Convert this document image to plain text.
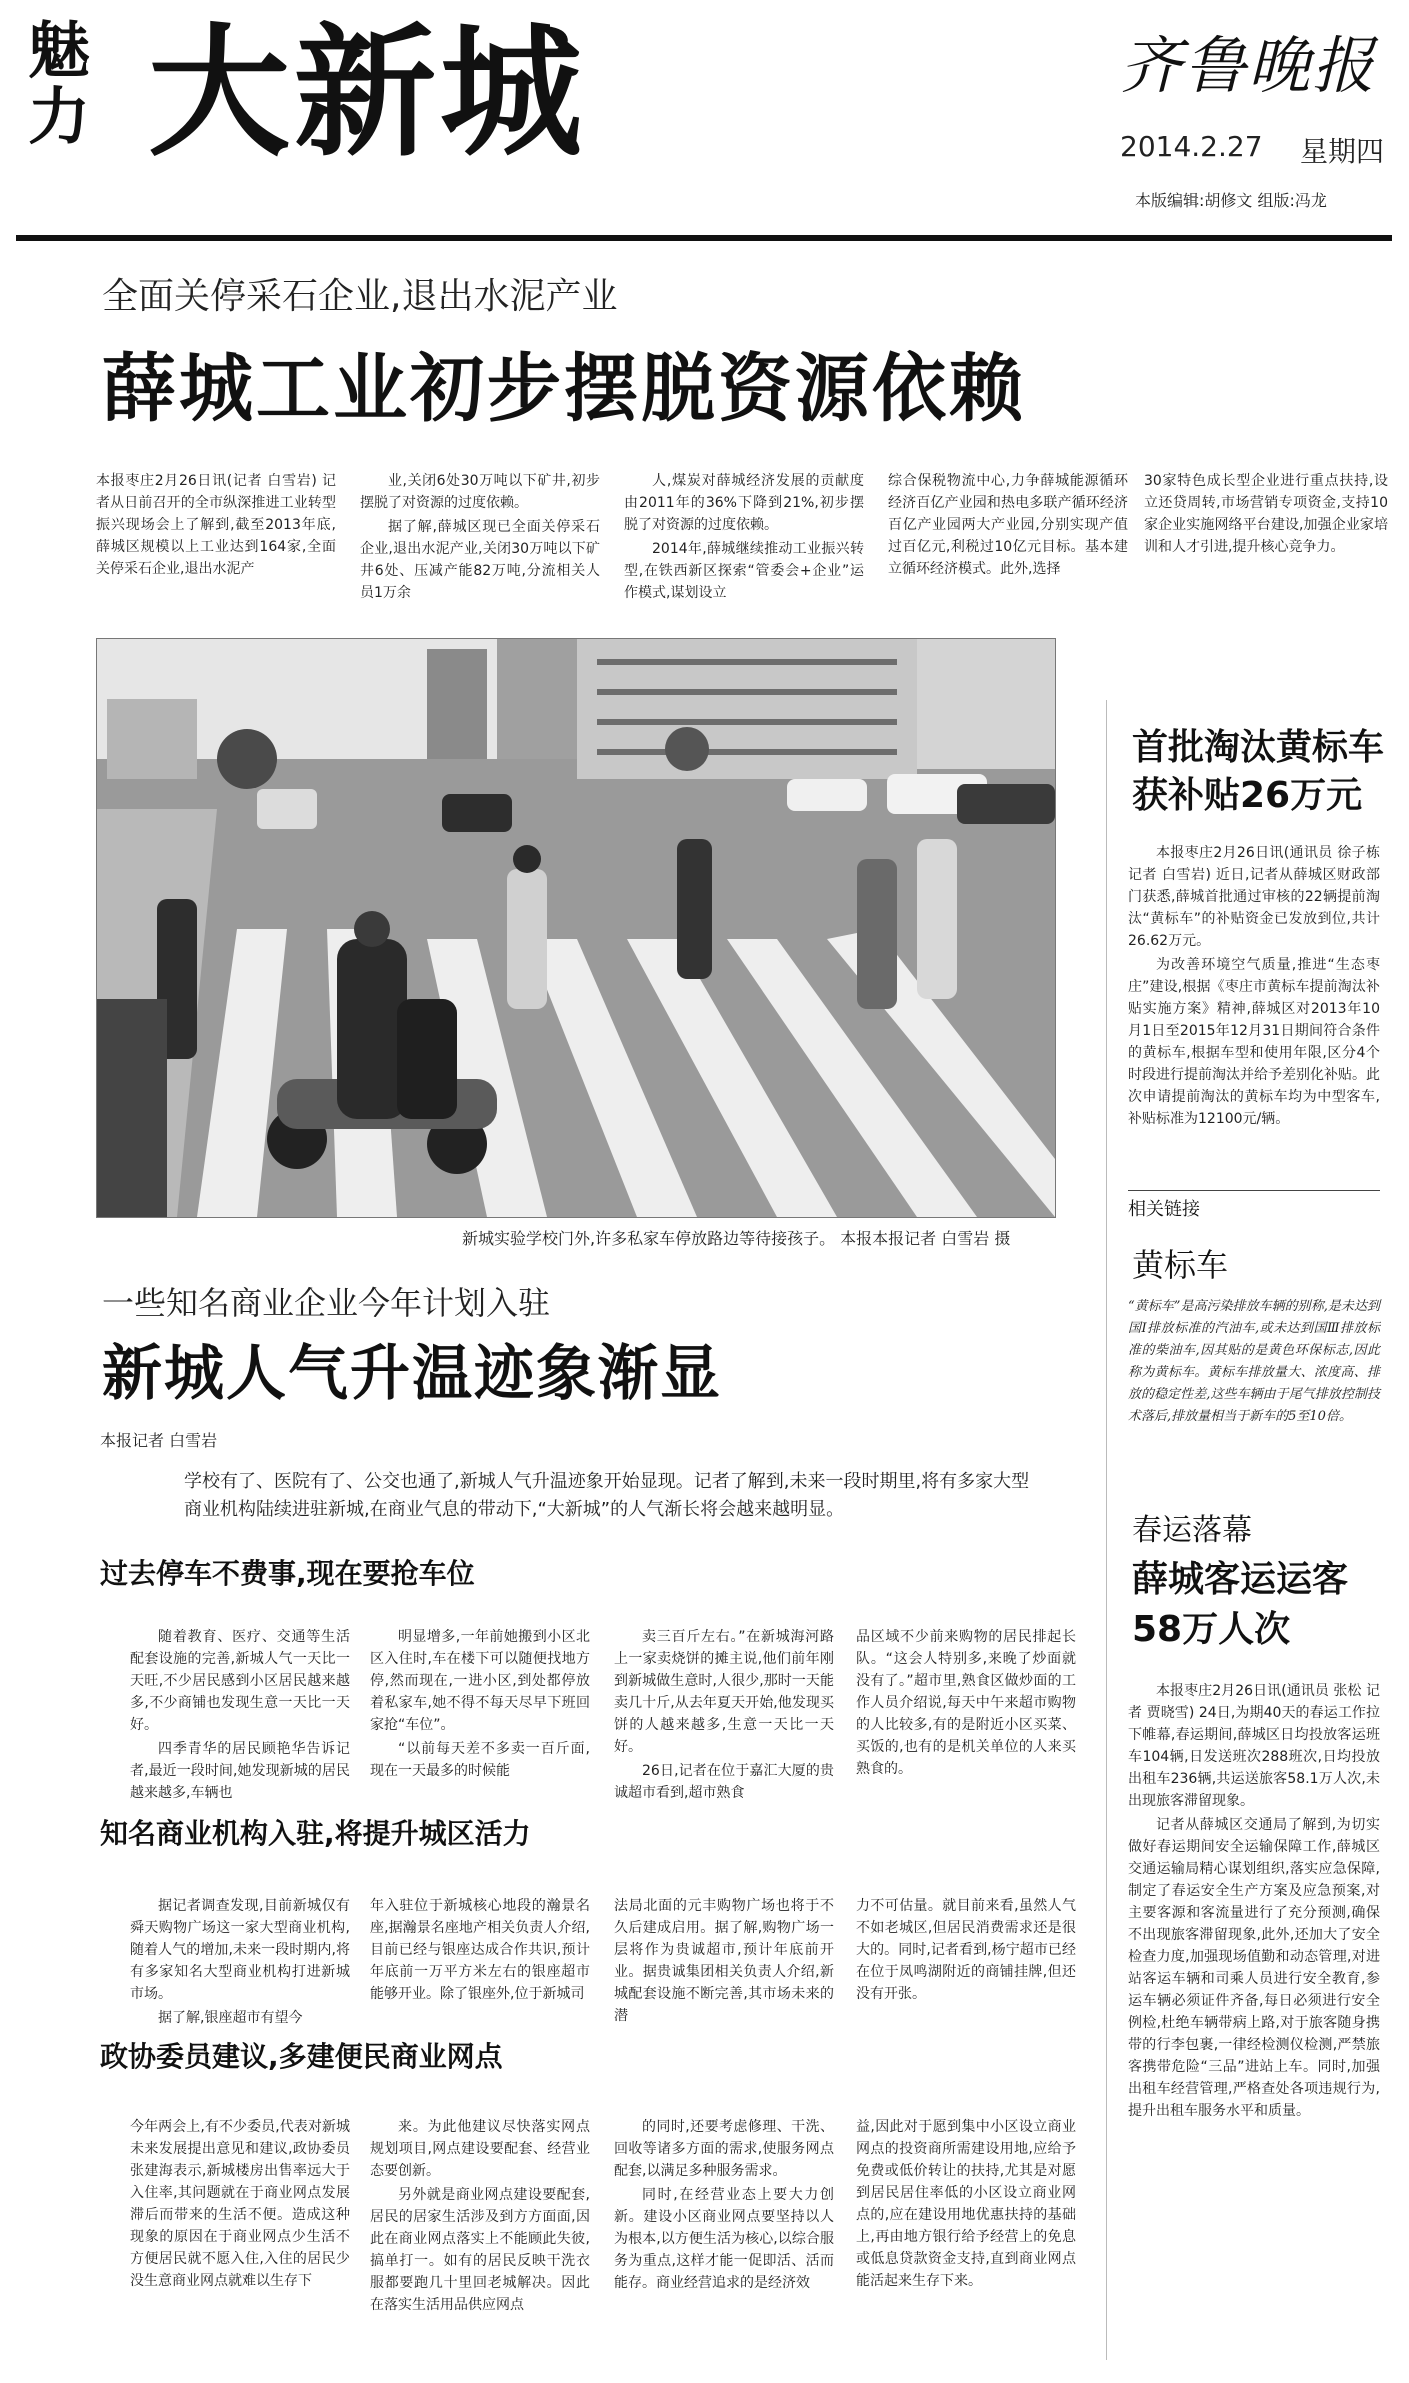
魅力 大新城	齐鲁晚报
2014.2.27 星期四
本版编辑:胡修文 组版:冯龙
全面关停采石企业,退出水泥产业
薛城工业初步摆脱资源依赖
本报枣庄2月26日讯(记者 白雪岩) 记者从日前召开的全市纵深推进工业转型振兴现场会上了解到,截至2013年底,薛城区规模以上工业达到164家,全面关停采石企业,退出水泥产

业,关闭6处30万吨以下矿井,初步摆脱了对资源的过度依赖。

据了解,薛城区现已全面关停采石企业,退出水泥产业,关闭30万吨以下矿井6处、压减产能82万吨,分流相关人员1万余

人,煤炭对薛城经济发展的贡献度由2011年的36%下降到21%,初步摆脱了对资源的过度依赖。

2014年,薛城继续推动工业振兴转型,在铁西新区探索“管委会+企业”运作模式,谋划设立

综合保税物流中心,力争薛城能源循环经济百亿产业园和热电多联产循环经济百亿产业园两大产业园,分别实现产值过百亿元,利税过10亿元目标。基本建立循环经济模式。此外,选择
30家特色成长型企业进行重点扶持,设立还贷周转,市场营销专项资金,支持10家企业实施网络平台建设,加强企业家培训和人才引进,提升核心竞争力。
新城实验学校门外,许多私家车停放路边等待接孩子。 本报本报记者 白雪岩 摄
一些知名商业企业今年计划入驻
新城人气升温迹象渐显
本报记者 白雪岩
学校有了、医院有了、公交也通了,新城人气升温迹象开始显现。记者了解到,未来一段时期里,将有多家大型商业机构陆续进驻新城,在商业气息的带动下,“大新城”的人气渐长将会越来越明显。
过去停车不费事,现在要抢车位

随着教育、医疗、交通等生活配套设施的完善,新城人气一天比一天旺,不少居民感到小区居民越来越多,不少商铺也发现生意一天比一天好。

四季青华的居民顾艳华告诉记者,最近一段时间,她发现新城的居民越来越多,车辆也

明显增多,一年前她搬到小区北区入住时,车在楼下可以随便找地方停,然而现在,一进小区,到处都停放着私家车,她不得不每天尽早下班回家抢“车位”。

“以前每天差不多卖一百斤面,现在一天最多的时候能

卖三百斤左右。”在新城海河路上一家卖烧饼的摊主说,他们前年刚到新城做生意时,人很少,那时一天能卖几十斤,从去年夏天开始,他发现买饼的人越来越多,生意一天比一天好。

26日,记者在位于嘉汇大厦的贵诚超市看到,超市熟食

品区域不少前来购物的居民排起长队。“这会人特别多,来晚了炒面就没有了。”超市里,熟食区做炒面的工作人员介绍说,每天中午来超市购物的人比较多,有的是附近小区买菜、买饭的,也有的是机关单位的人来买熟食的。
知名商业机构入驻,将提升城区活力

据记者调查发现,目前新城仅有舜天购物广场这一家大型商业机构,随着人气的增加,未来一段时期内,将有多家知名大型商业机构打进新城市场。

据了解,银座超市有望今

年入驻位于新城核心地段的瀚景名座,据瀚景名座地产相关负责人介绍,目前已经与银座达成合作共识,预计年底前一万平方米左右的银座超市能够开业。除了银座外,位于新城司
法局北面的元丰购物广场也将于不久后建成启用。据了解,购物广场一层将作为贵诚超市,预计年底前开业。据贵诚集团相关负责人介绍,新城配套设施不断完善,其市场未来的潜
力不可估量。就目前来看,虽然人气不如老城区,但居民消费需求还是很大的。同时,记者看到,杨宁超市已经在位于凤鸣湖附近的商铺挂牌,但还没有开张。
政协委员建议,多建便民商业网点
今年两会上,有不少委员,代表对新城未来发展提出意见和建议,政协委员张建海表示,新城楼房出售率远大于入住率,其问题就在于商业网点发展滞后而带来的生活不便。造成这种现象的原因在于商业网点少生活不方便居民就不愿入住,入住的居民少没生意商业网点就难以生存下

来。为此他建议尽快落实网点规划项目,网点建设要配套、经营业态要创新。

另外就是商业网点建设要配套,居民的居家生活涉及到方方面面,因此在商业网点落实上不能顾此失彼,搞单打一。如有的居民反映干洗衣服都要跑几十里回老城解决。因此在落实生活用品供应网点

的同时,还要考虑修理、干洗、回收等诸多方面的需求,使服务网点配套,以满足多种服务需求。

同时,在经营业态上要大力创新。建设小区商业网点要坚持以人为根本,以方便生活为核心,以综合服务为重点,这样才能一促即活、活而能存。商业经营追求的是经济效

益,因此对于愿到集中小区设立商业网点的投资商所需建设用地,应给予免费或低价转让的扶持,尤其是对愿到居民居住率低的小区设立商业网点的,应在建设用地优惠扶持的基础上,再由地方银行给予经营上的免息或低息贷款资金支持,直到商业网点能活起来生存下来。
首批淘汰黄标车获补贴26万元

本报枣庄2月26日讯(通讯员 徐子栋 记者 白雪岩) 近日,记者从薛城区财政部门获悉,薛城首批通过审核的22辆提前淘汰“黄标车”的补贴资金已发放到位,共计26.62万元。

为改善环境空气质量,推进“生态枣庄”建设,根据《枣庄市黄标车提前淘汰补贴实施方案》精神,薛城区对2013年10月1日至2015年12月31日期间符合条件的黄标车,根据车型和使用年限,区分4个时段进行提前淘汰并给予差别化补贴。此次申请提前淘汰的黄标车均为中型客车,补贴标准为12100元/辆。

相关链接
黄标车
“黄标车”是高污染排放车辆的别称,是未达到国Ⅰ排放标准的汽油车,或未达到国Ⅲ排放标准的柴油车,因其贴的是黄色环保标志,因此称为黄标车。黄标车排放量大、浓度高、排放的稳定性差,这些车辆由于尾气排放控制技术落后,排放量相当于新车的5至10倍。
春运落幕
薛城客运运客58万人次

本报枣庄2月26日讯(通讯员 张松 记者 贾晓雪) 24日,为期40天的春运工作拉下帷幕,春运期间,薛城区日均投放客运班车104辆,日发送班次288班次,日均投放出租车236辆,共运送旅客58.1万人次,未出现旅客滞留现象。

记者从薛城区交通局了解到,为切实做好春运期间安全运输保障工作,薛城区交通运输局精心谋划组织,落实应急保障,制定了春运安全生产方案及应急预案,对主要客源和客流量进行了充分预测,确保不出现旅客滞留现象,此外,还加大了安全检查力度,加强现场值勤和动态管理,对进站客运车辆和司乘人员进行安全教育,参运车辆必须证件齐备,每日必须进行安全例检,杜绝车辆带病上路,对于旅客随身携带的行李包裹,一律经检测仪检测,严禁旅客携带危险“三品”进站上车。同时,加强出租车经营管理,严格查处各项违规行为,提升出租车服务水平和质量。
